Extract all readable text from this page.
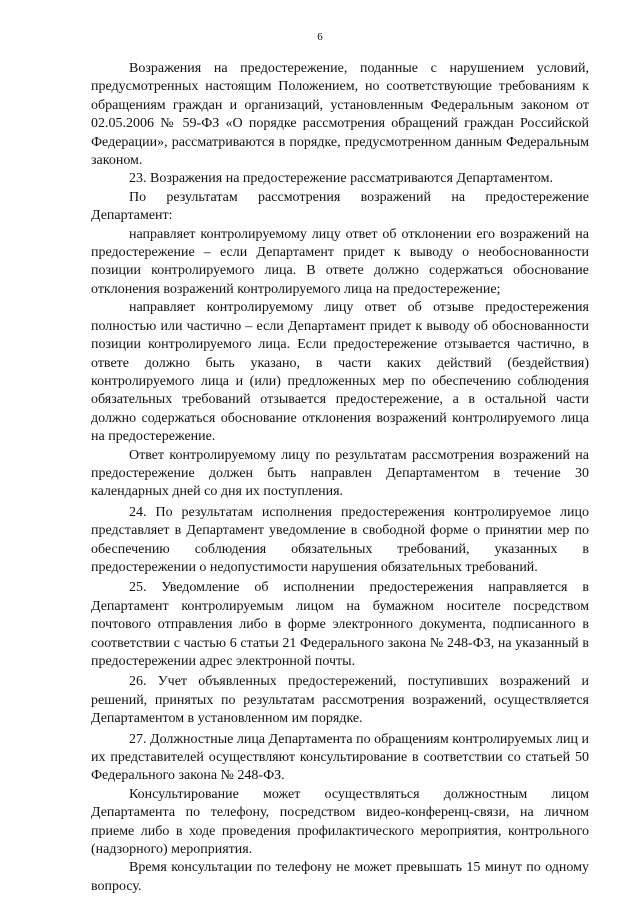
6

Возражения на предостережение, поданные с нарушением условий, предусмотренных настоящим Положением, но соответствующие требованиям к обращениям граждан и организаций, установленным Федеральным законом от 02.05.2006 № 59-ФЗ «О порядке рассмотрения обращений граждан Российской Федерации», рассматриваются в порядке, предусмотренном данным Федеральным законом.

23. Возражения на предостережение рассматриваются Департаментом.

По результатам рассмотрения возражений на предостережение Департамент:

направляет контролируемому лицу ответ об отклонении его возражений на предостережение – если Департамент придет к выводу о необоснованности позиции контролируемого лица. В ответе должно содержаться обоснование отклонения возражений контролируемого лица на предостережение;

направляет контролируемому лицу ответ об отзыве предостережения полностью или частично – если Департамент придет к выводу об обоснованности позиции контролируемого лица. Если предостережение отзывается частично, в ответе должно быть указано, в части каких действий (бездействия) контролируемого лица и (или) предложенных мер по обеспечению соблюдения обязательных требований отзывается предостережение, а в остальной части должно содержаться обоснование отклонения возражений контролируемого лица на предостережение.

Ответ контролируемому лицу по результатам рассмотрения возражений на предостережение должен быть направлен Департаментом в течение 30 календарных дней со дня их поступления.

24. По результатам исполнения предостережения контролируемое лицо представляет в Департамент уведомление в свободной форме о принятии мер по обеспечению соблюдения обязательных требований, указанных в предостережении о недопустимости нарушения обязательных требований.

25. Уведомление об исполнении предостережения направляется в Департамент контролируемым лицом на бумажном носителе посредством почтового отправления либо в форме электронного документа, подписанного в соответствии с частью 6 статьи 21 Федерального закона № 248-ФЗ, на указанный в предостережении адрес электронной почты.

26. Учет объявленных предостережений, поступивших возражений и решений, принятых по результатам рассмотрения возражений, осуществляется Департаментом в установленном им порядке.

27. Должностные лица Департамента по обращениям контролируемых лиц и их представителей осуществляют консультирование в соответствии со статьей 50 Федерального закона № 248-ФЗ.

Консультирование может осуществляться должностным лицом Департамента по телефону, посредством видео-конференц-связи, на личном приеме либо в ходе проведения профилактического мероприятия, контрольного (надзорного) мероприятия.

Время консультации по телефону не может превышать 15 минут по одному вопросу.
